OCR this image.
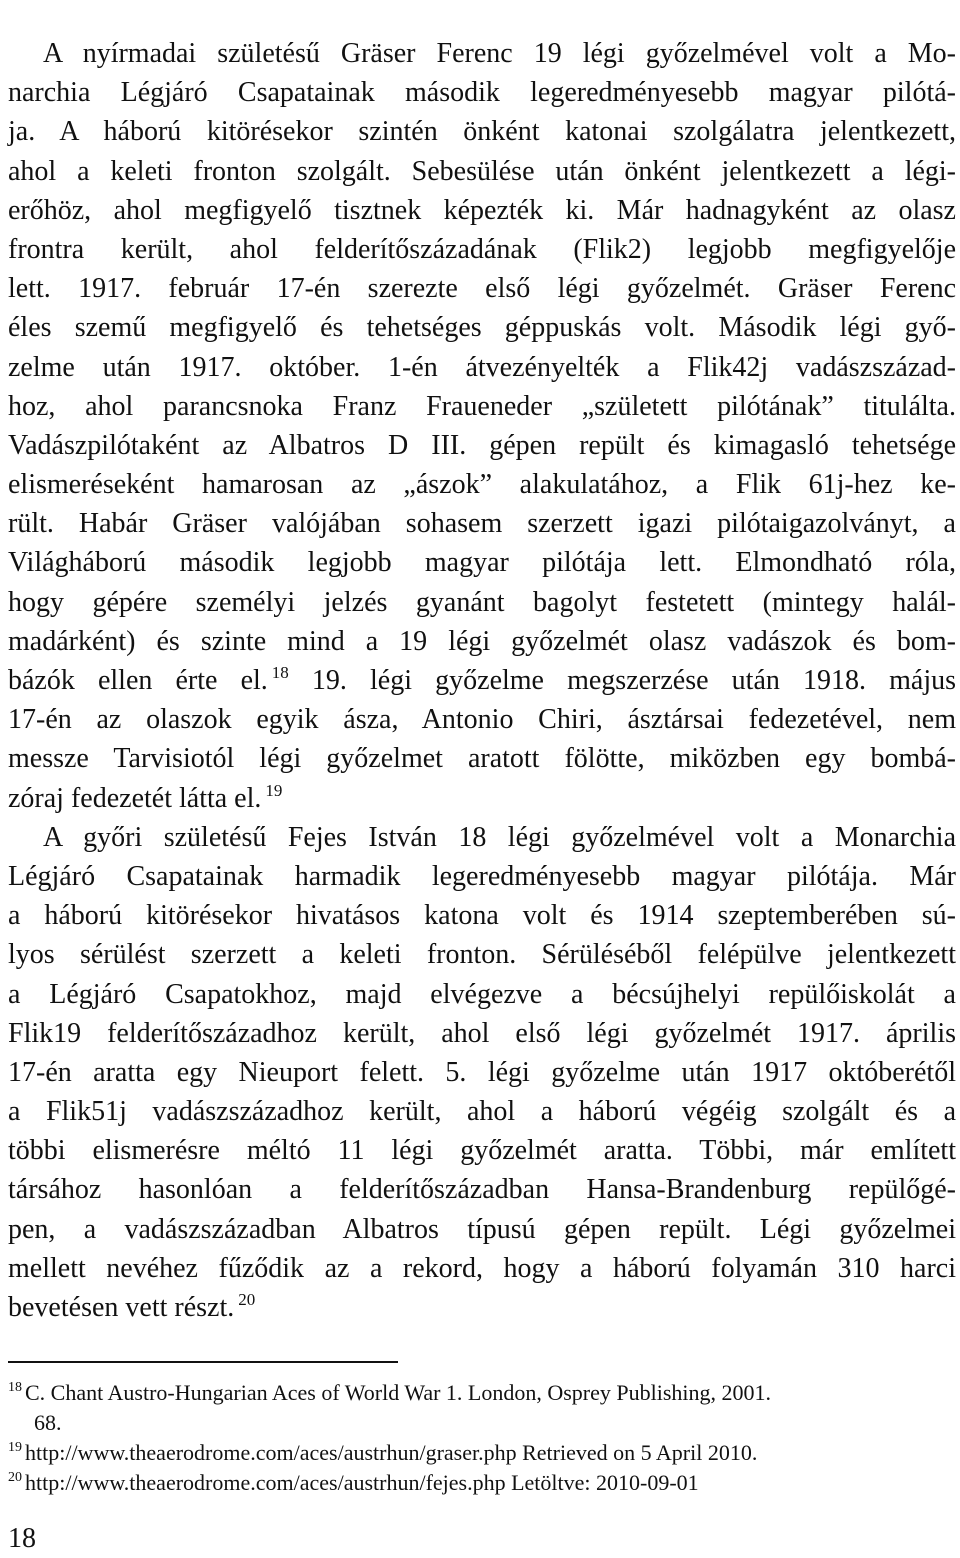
A nyírmadai születésű Gräser Ferenc 19 légi győzelmével volt a Mo-
narchia Légjáró Csapatainak második legeredményesebb magyar pilótá-
ja. A háború kitörésekor szintén önként katonai szolgálatra jelentkezett,
ahol a keleti fronton szolgált. Sebesülése után önként jelentkezett a légi-
erőhöz, ahol megfigyelő tisztnek képezték ki. Már hadnagyként az olasz
frontra került, ahol felderítőszázadának (Flik2) legjobb megfigyelője
lett. 1917. február 17-én szerezte első légi győzelmét. Gräser Ferenc
éles szemű megfigyelő és tehetséges géppuskás volt. Második légi győ-
zelme után 1917. október. 1-én átvezényelték a Flik42j vadászszázad-
hoz, ahol parancsnoka Franz Fraueneder „született pilótának” titulálta.
Vadászpilótaként az Albatros D III. gépen repült és kimagasló tehetsége
elismeréseként hamarosan az „ászok” alakulatához, a Flik 61j-hez ke-
rült. Habár Gräser valójában sohasem szerzett igazi pilótaigazolványt, a
Világháború második legjobb magyar pilótája lett. Elmondható róla,
hogy gépére személyi jelzés gyanánt bagolyt festetett (mintegy halál-
madárként) és szinte mind a 19 légi győzelmét olasz vadászok és bom-
bázók ellen érte el. $^{18}$ 19. légi győzelme megszerzése után 1918. május
17-én az olaszok egyik ásza, Antonio Chiri, ásztársai fedezetével, nem
messze Tarvisiotól légi győzelmet aratott fölötte, miközben egy bombá-
zóraj fedezetét látta el. $^{19}$
A győri születésű Fejes István 18 légi győzelmével volt a Monarchia
Légjáró Csapatainak harmadik legeredményesebb magyar pilótája. Már
a háború kitörésekor hivatásos katona volt és 1914 szeptemberében sú-
lyos sérülést szerzett a keleti fronton. Sérüléséből felépülve jelentkezett
a Légjáró Csapatokhoz, majd elvégezve a bécsújhelyi repülőiskolát a
Flik19 felderítőszázadhoz került, ahol első légi győzelmét 1917. április
17-én aratta egy Nieuport felett. 5. légi győzelme után 1917 októberétől
a Flik51j vadászszázadhoz került, ahol a háború végéig szolgált és a
többi elismerésre méltó 11 légi győzelmét aratta. Többi, már említett
társához hasonlóan a felderítőszázadban Hansa-Brandenburg repülőgé-
pen, a vadászszázadban Albatros típusú gépen repült. Légi győzelmei
mellett nevéhez fűződik az a rekord, hogy a háború folyamán 310 harci
bevetésen vett részt. $^{20}$
$^{18}$ C. Chant Austro-Hungarian Aces of World War 1. London, Osprey Publishing, 2001.
68.
$^{19}$ http://www.theaerodrome.com/aces/austrhun/graser.php Retrieved on 5 April 2010.
$^{20}$ http://www.theaerodrome.com/aces/austrhun/fejes.php Letöltve: 2010-09-01
18
